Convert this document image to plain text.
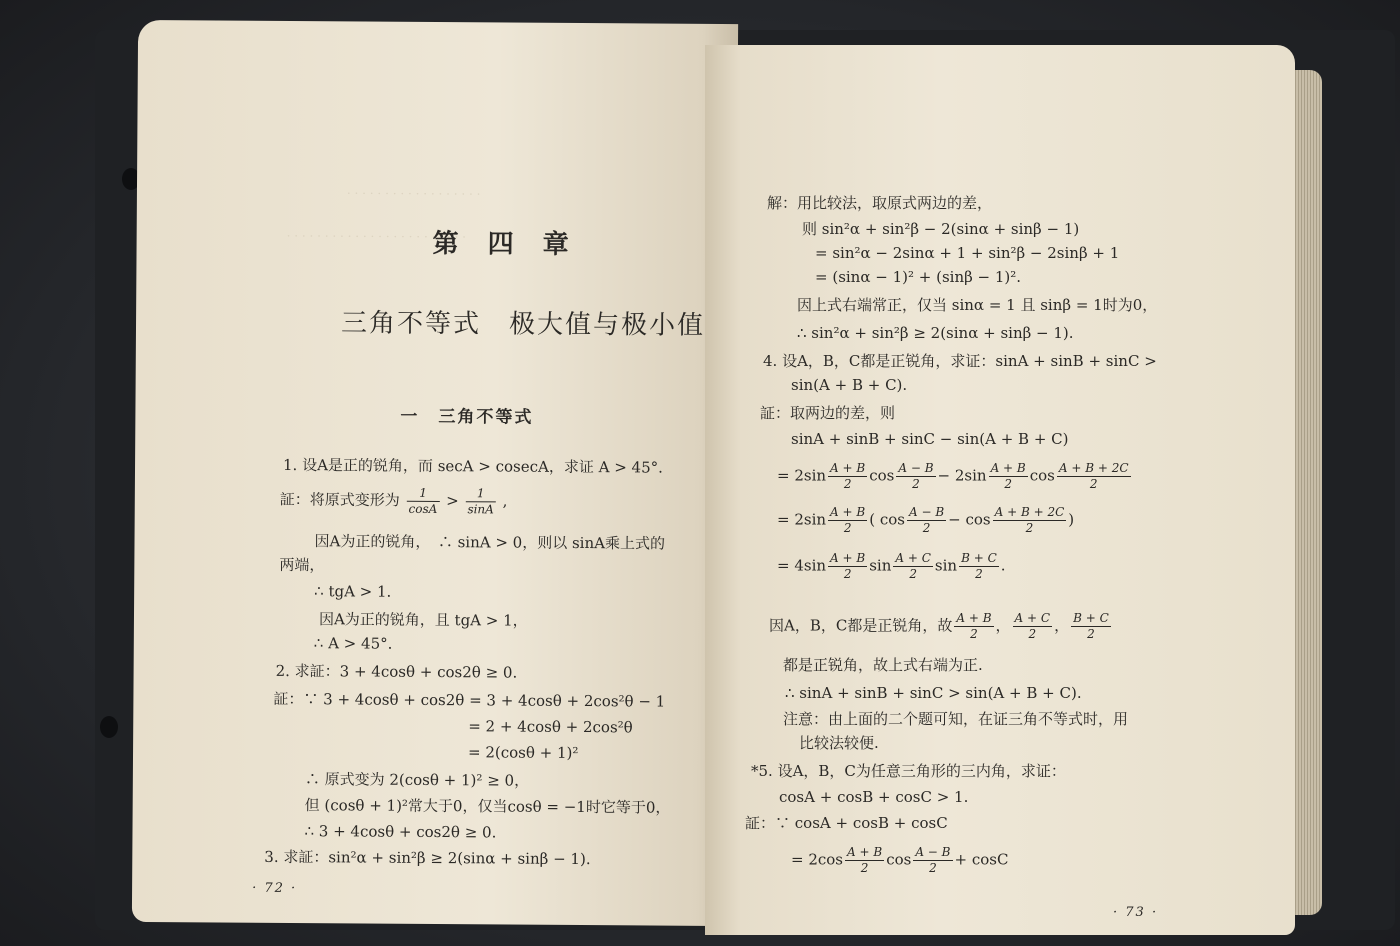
· · · · · · · · · · · · · · · · · ·
· · · · · · · · · · · · · · · · · · · · · · · ·
第 四 章
三角不等式　极大值与极小值
一　三角不等式
1. 设A是正的锐角，而 secA > cosecA，求证 A > 45°.
証：将原式变形为 $\frac{1}{\cos A} > \frac{1}{\sin A}$ ,
因A为正的锐角，　∴ sinA > 0，则以 sinA乘上式的
两端，
∴ tgA > 1.
因A为正的锐角，且 tgA > 1，
∴ A > 45°.
2. 求証：3 + 4cosθ + cos2θ ≥ 0.
証：∵ 3 + 4cosθ + cos2θ = 3 + 4cosθ + 2cos²θ − 1
= 2 + 4cosθ + 2cos²θ
= 2(cosθ + 1)²
∴ 原式变为 2(cosθ + 1)² ≥ 0，
但 (cosθ + 1)²常大于0，仅当cosθ = −1时它等于0，
∴ 3 + 4cosθ + cos2θ ≥ 0.
3. 求証：sin²α + sin²β ≥ 2(sinα + sinβ − 1).
· 72 ·
解：用比较法，取原式两边的差，
则 sin²α + sin²β − 2(sinα + sinβ − 1)
= sin²α − 2sinα + 1 + sin²β − 2sinβ + 1
= (sinα − 1)² + (sinβ − 1)².
因上式右端常正，仅当 sinα = 1 且 sinβ = 1时为0，
∴ sin²α + sin²β ≥ 2(sinα + sinβ − 1).
4. 设A，B，C都是正锐角，求证：sinA + sinB + sinC >
sin(A + B + C).
証：取两边的差，则
sinA + sinB + sinC − sin(A + B + C)
= $2\sin \frac{A + B}{2}$ $\cos \frac{A - B}{2} - 2\sin \frac{A + B}{2}$ $\cos \frac{A + B + 2C}{2}$
= $2\sin \frac{A + B}{2}$ ( $\cos \frac{A - B}{2} - \cos \frac{A + B + 2C}{2}$ )
= $4\sin \frac{A + B}{2}$ $\sin \frac{A + C}{2}$ $\sin \frac{B + C}{2}$ .
因A，B，C都是正锐角，故 $\frac{A + B}{2}$ ， $\frac{A + C}{2}$ ， $\frac{B + C}{2}$
都是正锐角，故上式右端为正.
∴ sinA + sinB + sinC > sin(A + B + C).
注意：由上面的二个题可知，在证三角不等式时，用
比较法较便.
*5. 设A，B，C为任意三角形的三内角，求证：
cosA + cosB + cosC > 1.
証：∵ cosA + cosB + cosC
= $2\cos \frac{A + B}{2}$ $\cos \frac{A - B}{2} + \cos C$
· 73 ·
